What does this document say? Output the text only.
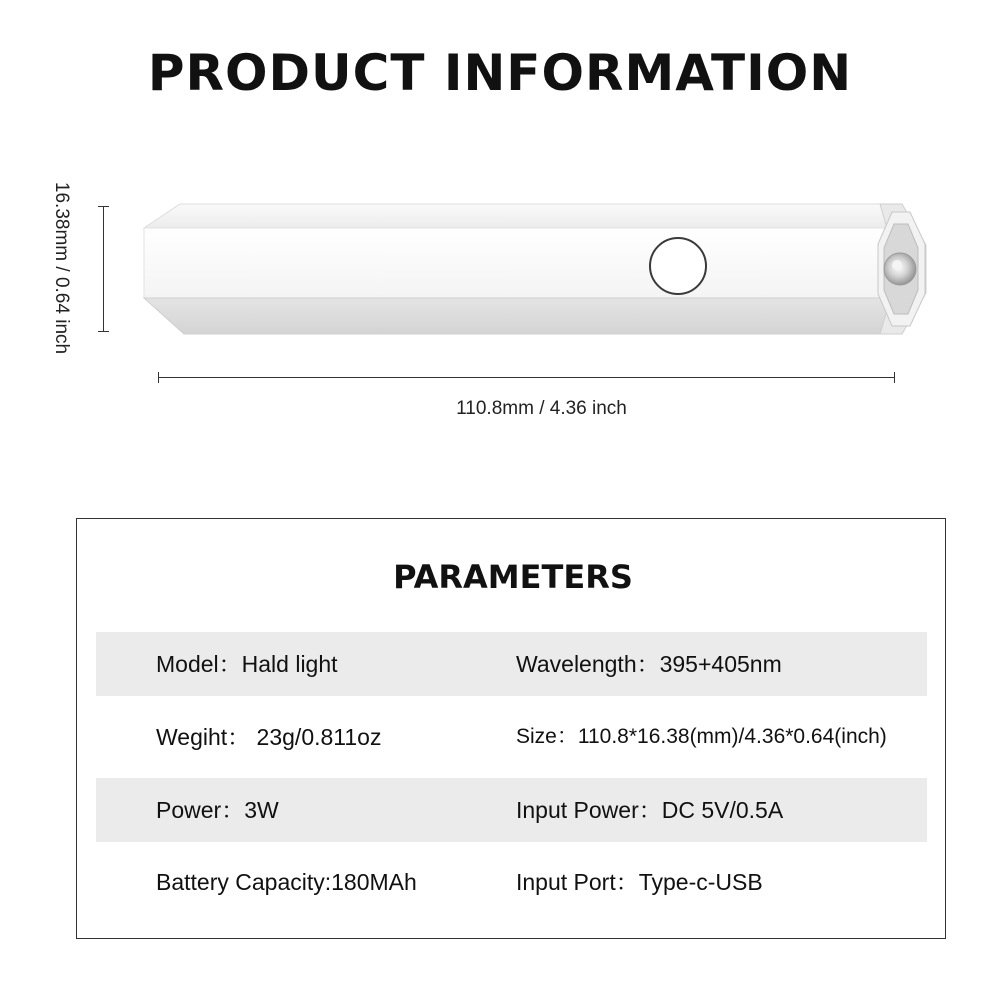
PRODUCT INFORMATION
16.38mm / 0.64 inch
110.8mm / 4.36 inch
PARAMETERS
Model：Hald light	Wavelength：395+405nm
Wegiht： 23g/0.811oz	Size：110.8*16.38(mm)/4.36*0.64(inch)
Power：3W	Input Power：DC 5V/0.5A
Battery Capacity:180MAh	Input Port：Type-c-USB
